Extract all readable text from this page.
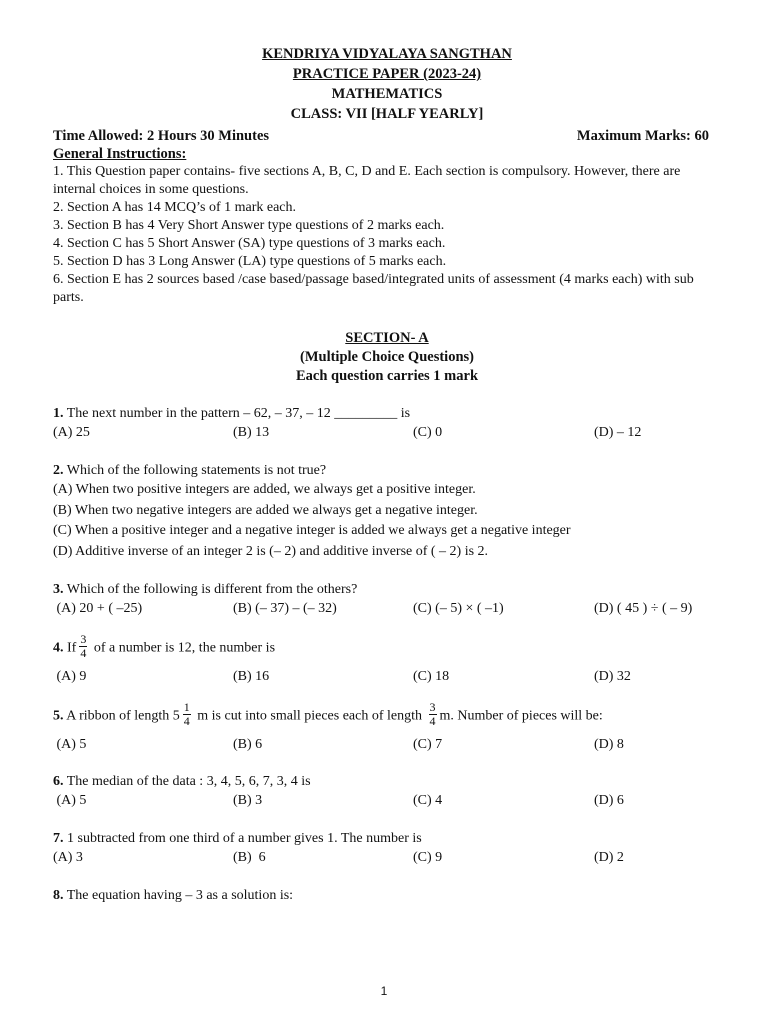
KENDRIYA VIDYALAYA SANGTHAN
PRACTICE PAPER (2023-24)
MATHEMATICS
CLASS: VII [HALF YEARLY]
Time Allowed: 2 Hours 30 Minutes	Maximum Marks: 60
General Instructions:

1. This Question paper contains- five sections A, B, C, D and E. Each section is compulsory. However, there are internal choices in some questions.

2. Section A has 14 MCQ’s of 1 mark each.

3. Section B has 4 Very Short Answer type questions of 2 marks each.

4. Section C has 5 Short Answer (SA) type questions of 3 marks each.

5. Section D has 3 Long Answer (LA) type questions of 5 marks each.

6. Section E has 2 sources based /case based/passage based/integrated units of assessment (4 marks each) with sub parts.

SECTION- A
(Multiple Choice Questions)
Each question carries 1 mark
1. The next number in the pattern – 62, – 37, – 12 _________ is
(A) 25	(B) 13	(C) 0	(D) – 12
2. Which of the following statements is not true?

(A) When two positive integers are added, we always get a positive integer.

(B) When two negative integers are added we always get a negative integer.

(C) When a positive integer and a negative integer is added we always get a negative integer

(D) Additive inverse of an integer 2 is (– 2) and additive inverse of ( – 2) is 2.

3. Which of the following is different from the others?
(A) 20 + ( –25)	(B) (– 37) – (– 32)	(C) (– 5) × ( –1)	(D) ( 45 ) ÷ ( – 9)
4. If $\frac{3}{4}$ of a number is 12, the number is
(A) 9	(B) 16	(C) 18	(D) 32
5. A ribbon of length $5 \frac{1}{4}$ m is cut into small pieces each of length $\frac{3}{4} m$. Number of pieces will be:
(A) 5	(B) 6	(C) 7	(D) 8
6. The median of the data : 3, 4, 5, 6, 7, 3, 4 is
(A) 5	(B) 3	(C) 4	(D) 6
7. 1 subtracted from one third of a number gives 1. The number is
(A) 3	(B)  6	(C) 9	(D) 2
8. The equation having – 3 as a solution is:
1
